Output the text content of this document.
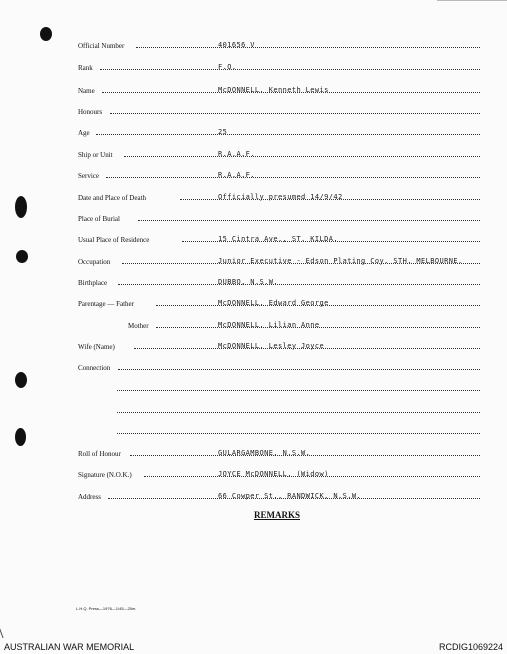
Official Number	401656 V
Rank	F.O.
Name	McDONNELL, Kenneth Lewis
Honours
Age	25
Ship or Unit	R.A.A.F.
Service	R.A.A.F.
Date and Place of Death	Officially presumed 14/9/42
Place of Burial
Usual Place of Residence	15 Cintra Ave., ST. KILDA.
Occupation	Junior Executive - Edson Plating Coy. STH. MELBOURNE.
Birthplace	DUBBO, N.S.W.
Parentage — Father	McDONNELL, Edward George
Mother	McDONNELL, Lilian Anne
Wife (Name)	McDONNELL, Lesley Joyce
Connection
Roll of Honour	GULARGAMBONE, N.S.W.
Signature (N.O.K.)	JOYCE McDONNELL, (Widow)
Address	66 Cowper St., RANDWICK, N.S.W.
REMARKS
L.H.Q. Press—1976—1/45—20m.
AUSTRALIAN WAR MEMORIAL	RCDIG1069224
